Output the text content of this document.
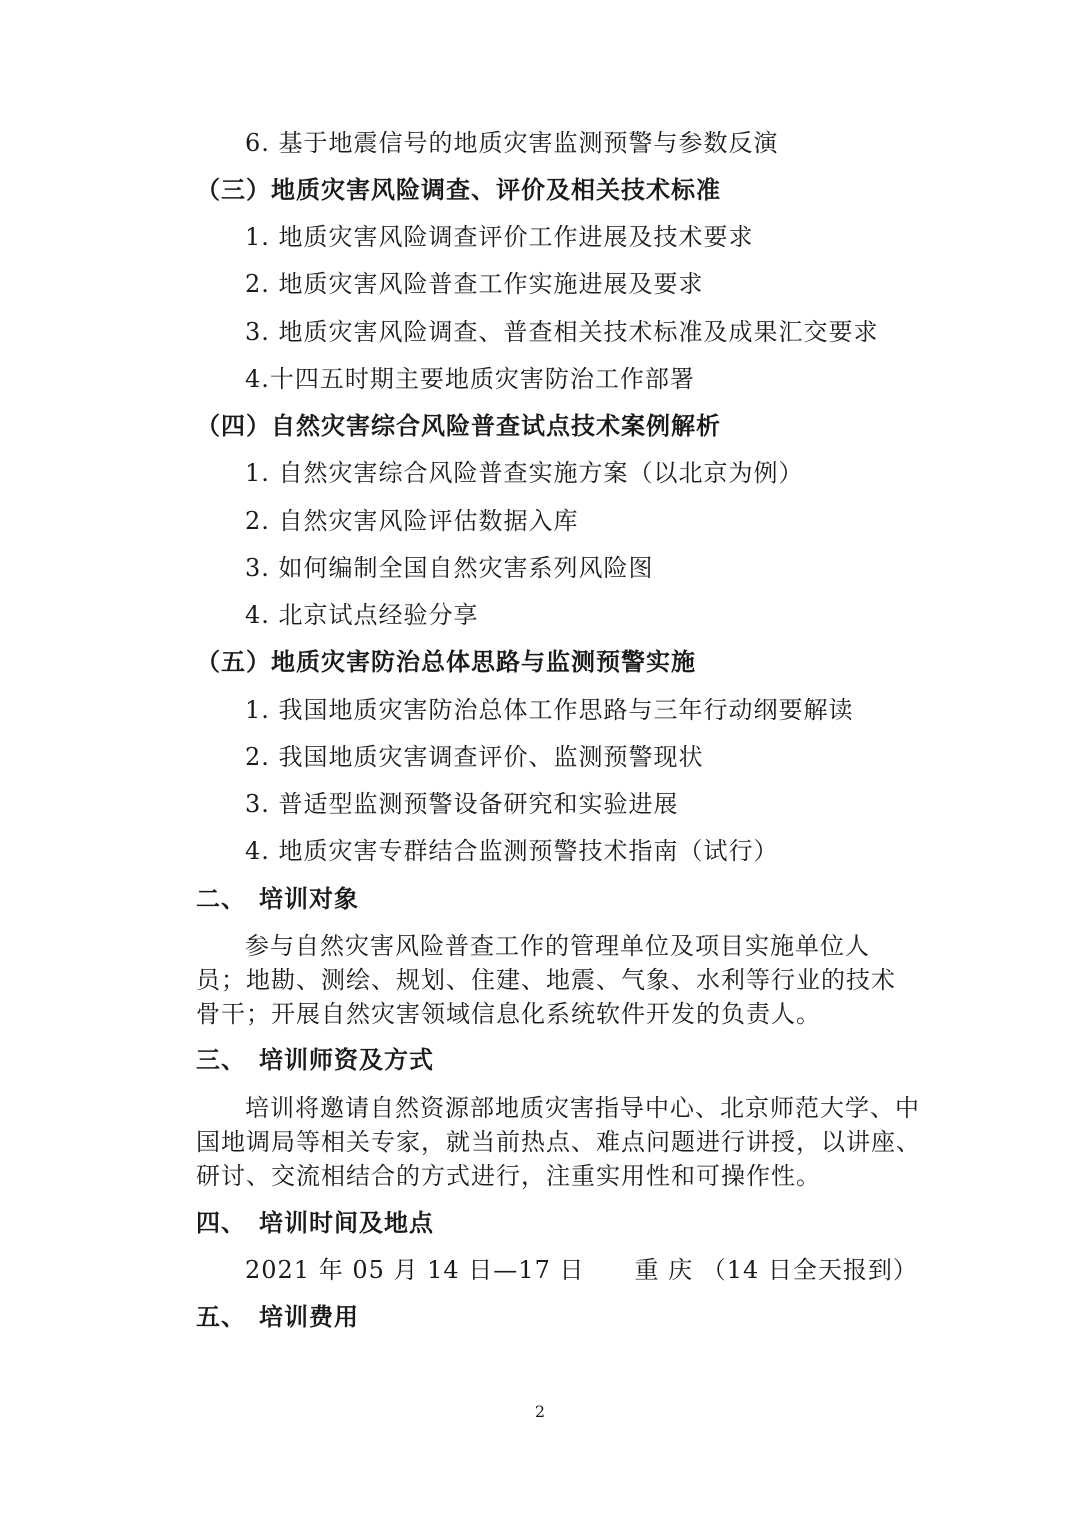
6. 基于地震信号的地质灾害监测预警与参数反演
（三）地质灾害风险调查、评价及相关技术标准
1. 地质灾害风险调查评价工作进展及技术要求
2. 地质灾害风险普查工作实施进展及要求
3. 地质灾害风险调查、普查相关技术标准及成果汇交要求
4.十四五时期主要地质灾害防治工作部署
（四）自然灾害综合风险普查试点技术案例解析
1. 自然灾害综合风险普查实施方案（以北京为例）
2. 自然灾害风险评估数据入库
3. 如何编制全国自然灾害系列风险图
4. 北京试点经验分享
（五）地质灾害防治总体思路与监测预警实施
1. 我国地质灾害防治总体工作思路与三年行动纲要解读
2. 我国地质灾害调查评价、监测预警现状
3. 普适型监测预警设备研究和实验进展
4. 地质灾害专群结合监测预警技术指南（试行）
二、　培训对象
参与自然灾害风险普查工作的管理单位及项目实施单位人
员；地勘、测绘、规划、住建、地震、气象、水利等行业的技术
骨干；开展自然灾害领域信息化系统软件开发的负责人。
三、　培训师资及方式
培训将邀请自然资源部地质灾害指导中心、北京师范大学、中
国地调局等相关专家，就当前热点、难点问题进行讲授，以讲座、
研讨、交流相结合的方式进行，注重实用性和可操作性。
四、　培训时间及地点
2021 年 05 月 14 日—17 日　　重 庆 （14 日全天报到）
五、　培训费用
2
